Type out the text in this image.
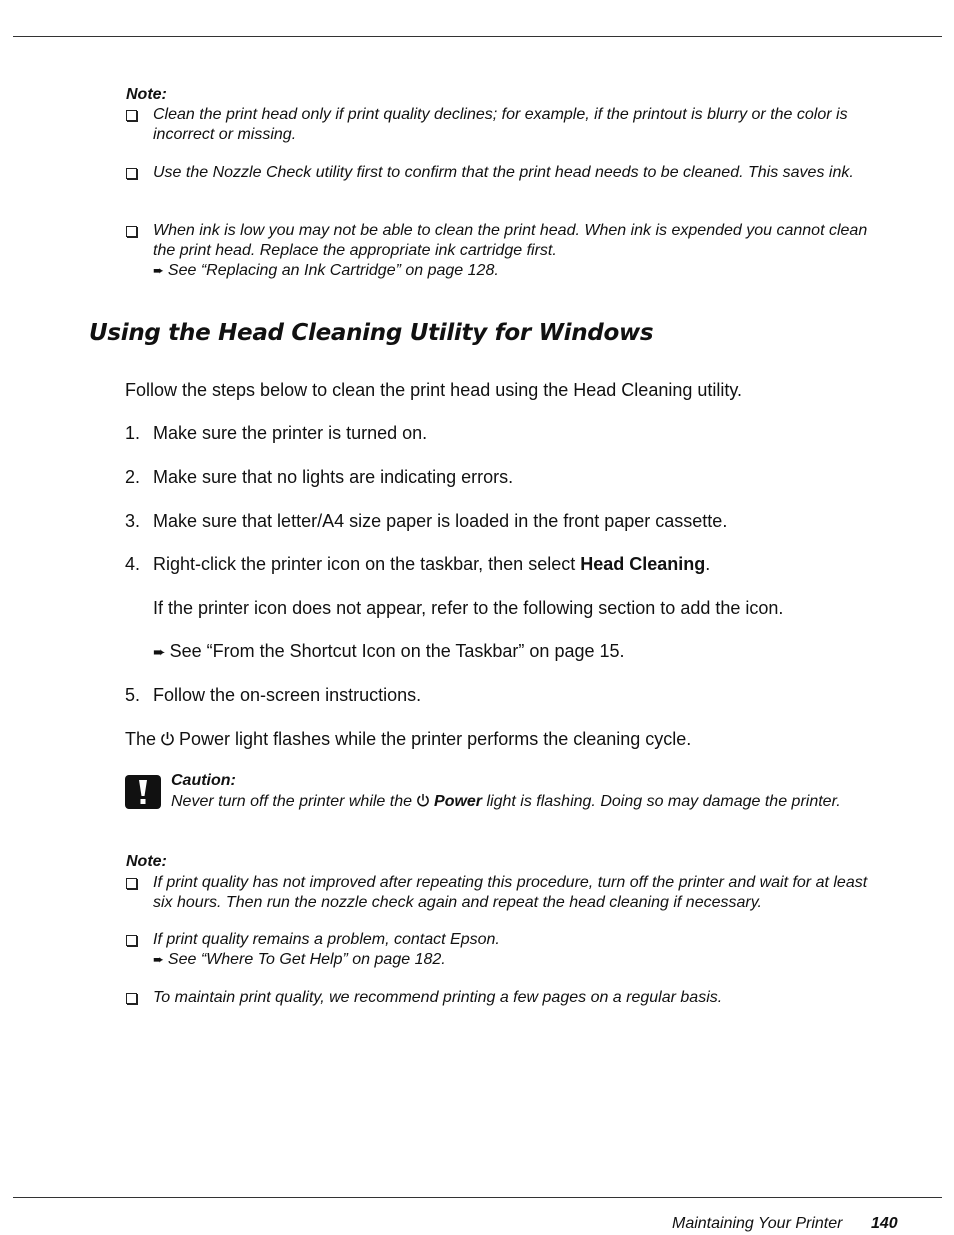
Note:
Clean the print head only if print quality declines; for example, if the printout is blurry or the color is incorrect or missing.
Use the Nozzle Check utility first to confirm that the print head needs to be cleaned. This saves ink.
When ink is low you may not be able to clean the print head. When ink is expended you cannot clean the print head. Replace the appropriate ink cartridge first.
➨ See “Replacing an Ink Cartridge” on page 128.
Using the Head Cleaning Utility for Windows
Follow the steps below to clean the print head using the Head Cleaning utility.
1. Make sure the printer is turned on.
2. Make sure that no lights are indicating errors.
3. Make sure that letter/A4 size paper is loaded in the front paper cassette.
4. Right-click the printer icon on the taskbar, then select Head Cleaning.
If the printer icon does not appear, refer to the following section to add the icon.
➨ See “From the Shortcut Icon on the Taskbar” on page 15.
5. Follow the on-screen instructions.
The Power light flashes while the printer performs the cleaning cycle.
Caution:
Never turn off the printer while the Power light is flashing. Doing so may damage the printer.
Note:
If print quality has not improved after repeating this procedure, turn off the printer and wait for at least six hours. Then run the nozzle check again and repeat the head cleaning if necessary.
If print quality remains a problem, contact Epson.
➨ See “Where To Get Help” on page 182.
To maintain print quality, we recommend printing a few pages on a regular basis.
Maintaining Your Printer 140
